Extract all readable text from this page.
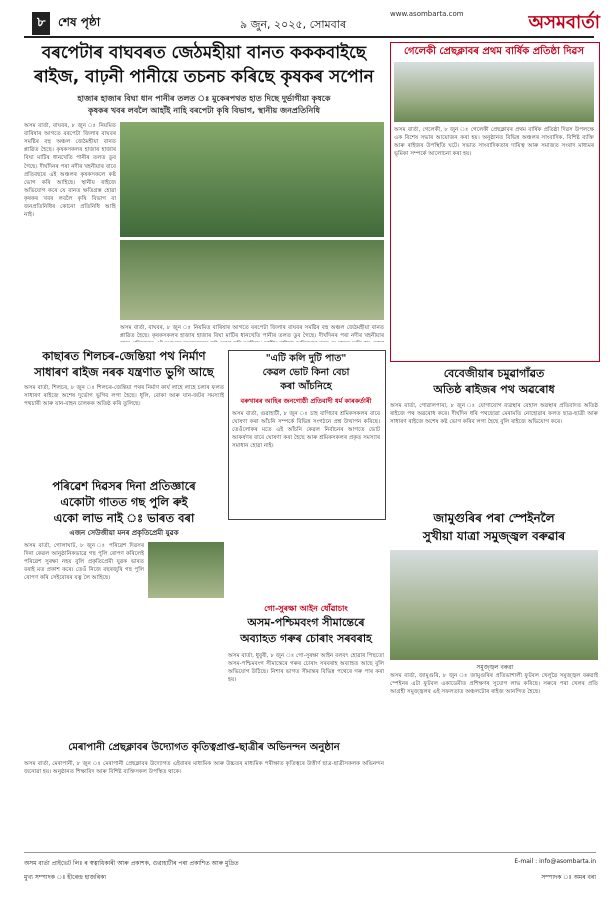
৮	শেষ পৃষ্ঠা	৯ জুন, ২০২৫, সোমবাৰ
www.asombarta.com	অসমবাৰ্তা
বৰপেটাৰ বাঘবৰত জেঠমহীয়া বানত কককবাইছে
ৰাইজ, বাঢ়নী পানীয়ে তচনচ কৰিছে কৃষকৰ সপোন
হাজাৰ হাজাৰ বিঘা ধান পানীৰ তলত ঃ মুকেৰপথত হাত দিছে দুৰ্ভাগীয়া কৃষকে
কৃষকৰ খবৰ লবলৈ আহাঁই নাহি বৰপেটা কৃষি বিভাগ, স্থানীয় জনপ্ৰতিনিধি
অসম বাৰ্তা, বাঘবৰ, ৮ জুন ঃ নিয়মিত বাৰিষাৰ আগতে বৰপেটা জিলাৰ বাঘবৰ সমষ্টিৰ বহু অঞ্চল জেঠমহীয়া বানত প্লাৱিত হৈছে। কৃষকসকলৰ হাজাৰ হাজাৰ বিঘা মাটিৰ ধানখেতি পানীৰ তলত ডুব গৈছে। দীৰ্ঘদিনৰ পৰা নদীৰ খহনীয়াৰ বাবে প্ৰতিবছৰে এই অঞ্চলৰ কৃষকসকলে কষ্ট ভোগ কৰি আহিছে। স্থানীয় ৰাইজে অভিযোগ কৰে যে বানত ক্ষতিগ্ৰস্ত হোৱা কৃষকৰ খবৰ লবলৈ কৃষি বিভাগ বা জনপ্ৰতিনিধিৰ কোনো প্ৰতিনিধি আহি নাই।
অসম বাৰ্তা, বাঘবৰ, ৮ জুন ঃ নিয়মিত বাৰিষাৰ আগতে বৰপেটা জিলাৰ বাঘবৰ সমষ্টিৰ বহু অঞ্চল জেঠমহীয়া বানত প্লাৱিত হৈছে। কৃষকসকলৰ হাজাৰ হাজাৰ বিঘা মাটিৰ ধানখেতি পানীৰ তলত ডুব গৈছে। দীৰ্ঘদিনৰ পৰা নদীৰ খহনীয়াৰ
গেলেকী প্ৰেছক্লাবৰ প্ৰথম বাৰ্ষিক প্ৰতিষ্ঠা দিৱস
অসম বাৰ্তা, গেলেকী, ৮ জুন ঃ গেলেকী প্ৰেছক্লাবৰ প্ৰথম বাৰ্ষিক প্ৰতিষ্ঠা দিৱস উপলক্ষে এক বিশেষ সভাৰ আয়োজন কৰা হয়। অনুষ্ঠানত বিভিন্ন অঞ্চলৰ সাংবাদিক, বিশিষ্ট ব্যক্তি আৰু ৰাইজৰ উপস্থিতি ঘটে। সভাত সাংবাদিকতাৰ দায়িত্ব আৰু সমাজত সংবাদ মাধ্যমৰ ভূমিকা সম্পৰ্কে আলোচনা কৰা হয়।
বেবেজীয়াৰ চমুৱাগাঁৱত
অতিষ্ঠ ৰাইজৰ পথ অৱৰোধ
অসম বাৰ্তা, গোৱালপাৰা, ৮ জুন ঃ যোগাযোগ ব্যৱস্থাৰ বেহাল অৱস্থাৰ প্ৰতিবাদত অতিষ্ঠ ৰাইজে পথ অৱৰোধ কৰে। দীৰ্ঘদিন ধৰি পথছোৱা মেৰামতি নোহোৱাৰ ফলত ছাত্ৰ-ছাত্ৰী আৰু সাধাৰণ ৰাইজে অশেষ কষ্ট ভোগ কৰিব লগা হৈছে বুলি ৰাইজে অভিযোগ কৰে।
কাছাৰত শিলচৰ-জেন্তিয়া পথ নিৰ্মাণ
সাধাৰণ ৰাইজ নৰক যন্ত্ৰণাত ভুগি আছে
অসম বাৰ্তা, শিলচৰ, ৮ জুন ঃ শিলচৰ-জেন্তিয়া পথৰ নিৰ্মাণ কাৰ্য লাহে লাহে চলাৰ ফলত সাধাৰণ ৰাইজে অশেষ দুৰ্ভোগ ভুগিব লগা হৈছে। ধূলি, বোকা আৰু যান-জটৰ সমস্যাই পথচাৰী আৰু যান-বাহন চালকক অতিষ্ঠ কৰি তুলিছে।
"এটি কলি দুটি পাত"
কেৱল ভোট কিনা বেচা
কৰা আঁচনিহে
বৰুখাৰৰ আহিৰ জনগোষ্ঠী প্ৰতিবাদী ধৰ্ম কাৰকৰ্তাৰী
অসম বাৰ্তা, গুৱাহাটী, ৮ জুন ঃ চাহ বাগিচাৰ শ্ৰমিকসকলৰ বাবে ঘোষণা কৰা আঁচনি সম্পৰ্কে বিভিন্ন সংগঠনে প্ৰশ্ন উত্থাপন কৰিছে। তেওঁলোকৰ মতে এই আঁচনি কেৱল নিৰ্বাচনৰ আগতে ভোট আকৰ্ষণৰ বাবে ঘোষণা কৰা হৈছে আৰু শ্ৰমিকসকলৰ প্ৰকৃত সমস্যাৰ সমাধান হোৱা নাই।
পৰিৱেশ দিৱসৰ দিনা প্ৰতিজ্ঞাৰে
একোটা গাতত গছ পুলি ৰুই
একো লাভ নাই ঃ ভাৰত বৰা
এজন সেউজীয়া মনৰ প্ৰকৃতিপ্ৰেমী যুৱক
অসম বাৰ্তা, গোলাঘাট, ৮ জুন ঃ পৰিৱেশ দিৱসৰ দিনা কেৱল আনুষ্ঠানিকভাৱে গছ পুলি ৰোপণ কৰিলেই পৰিৱেশ সুৰক্ষা নহয় বুলি প্ৰকৃতিপ্ৰেমী যুৱক ভাৰত বৰাই মত প্ৰকাশ কৰে। তেওঁ নিজে বছৰজুৰি গছ পুলি ৰোপণ কৰি সেইবোৰৰ যত্ন লৈ আহিছে।
জামুগুৰিৰ পৰা স্পেইনলৈ
সুখীয়া যাত্ৰা সমুজ্জ্বল বৰুৱাৰ
সমুজ্জ্বল বৰুৱা
অসম বাৰ্তা, জামুগুৰি, ৮ জুন ঃ জামুগুৰিৰ প্ৰতিভাশালী ফুটবল খেলুৱৈ সমুজ্জ্বল বৰুৱাই স্পেইনৰ এটা ফুটবল একাডেমীত প্ৰশিক্ষণৰ সুযোগ লাভ কৰিছে। সৰুৰে পৰা খেলৰ প্ৰতি আগ্ৰহী সমুজ্জ্বলৰ এই সফলতাত অঞ্চলটোৰ ৰাইজ আনন্দিত হৈছে।
গো-সুৰক্ষা আইন ধোঁৱাচাং
অসম-পশ্চিমবংগ সীমান্তেৰে
অব্যাহত গৰুৰ চোৰাং সৰবৰাহ
অসম বাৰ্তা, ধুবুৰী, ৮ জুন ঃ গো-সুৰক্ষা আইন বলবৎ হোৱাৰ পিছতো অসম-পশ্চিমবংগ সীমান্তেৰে গৰুৰ চোৰাং সৰবৰাহ অব্যাহত আছে বুলি অভিযোগ উঠিছে। নিশাৰ ভাগত সীমান্তৰ বিভিন্ন পথেৰে গৰু পাৰ কৰা হয়।
মেৰাপানী প্ৰেছক্লাবৰ উদ্যোগত কৃতিত্বপ্ৰাপ্ত-ছাত্ৰীৰ অভিনন্দন অনুষ্ঠান
অসম বাৰ্তা, মেৰাপানী, ৮ জুন ঃ মেৰাপানী প্ৰেছক্লাবৰ উদ্যোগত এইবাৰৰ মাধ্যমিক আৰু উচ্চতৰ মাধ্যমিক পৰীক্ষাত কৃতিত্বৰে উত্তীৰ্ণ ছাত্ৰ-ছাত্ৰীসকলক অভিনন্দন জনোৱা হয়। অনুষ্ঠানত শিক্ষাবিদ আৰু বিশিষ্ট ব্যক্তিসকল উপস্থিত থাকে।
অসম বাৰ্তা প্ৰাইভেট লিঃ ৰ স্বত্বাধিকাৰী আৰু প্ৰকাশক, গুৱাহাটীৰ পৰা প্ৰকাশিত আৰু মুদ্ৰিত	E-mail : info@asombarta.in
মুখ্য সম্পাদক ঃ হীৰেন্দ্ৰ হাজৰিকা	সম্পাদক ঃ অমৰ বৰা
